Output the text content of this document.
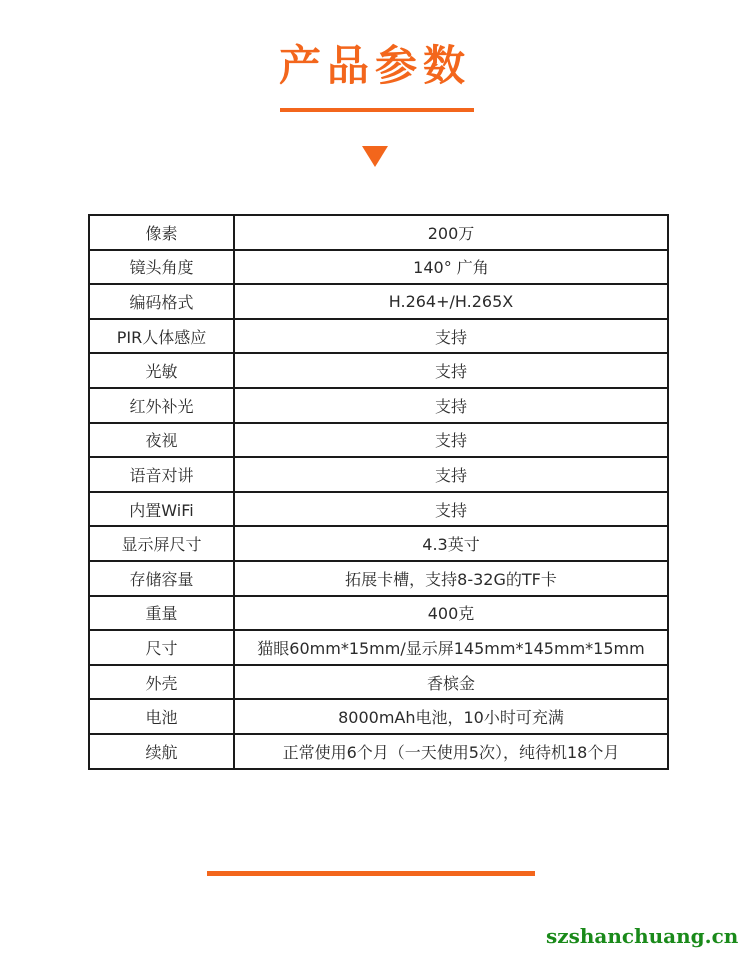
产品参数
像素	200万
镜头角度	140° 广角
编码格式	H.264+/H.265X
PIR人体感应	支持
光敏	支持
红外补光	支持
夜视	支持
语音对讲	支持
内置WiFi	支持
显示屏尺寸	4.3英寸
存储容量	拓展卡槽，支持8-32G的TF卡
重量	400克
尺寸	猫眼60mm*15mm/显示屏145mm*145mm*15mm
外壳	香槟金
电池	8000mAh电池，10小时可充满
续航	正常使用6个月（一天使用5次），纯待机18个月
szshanchuang.cn
